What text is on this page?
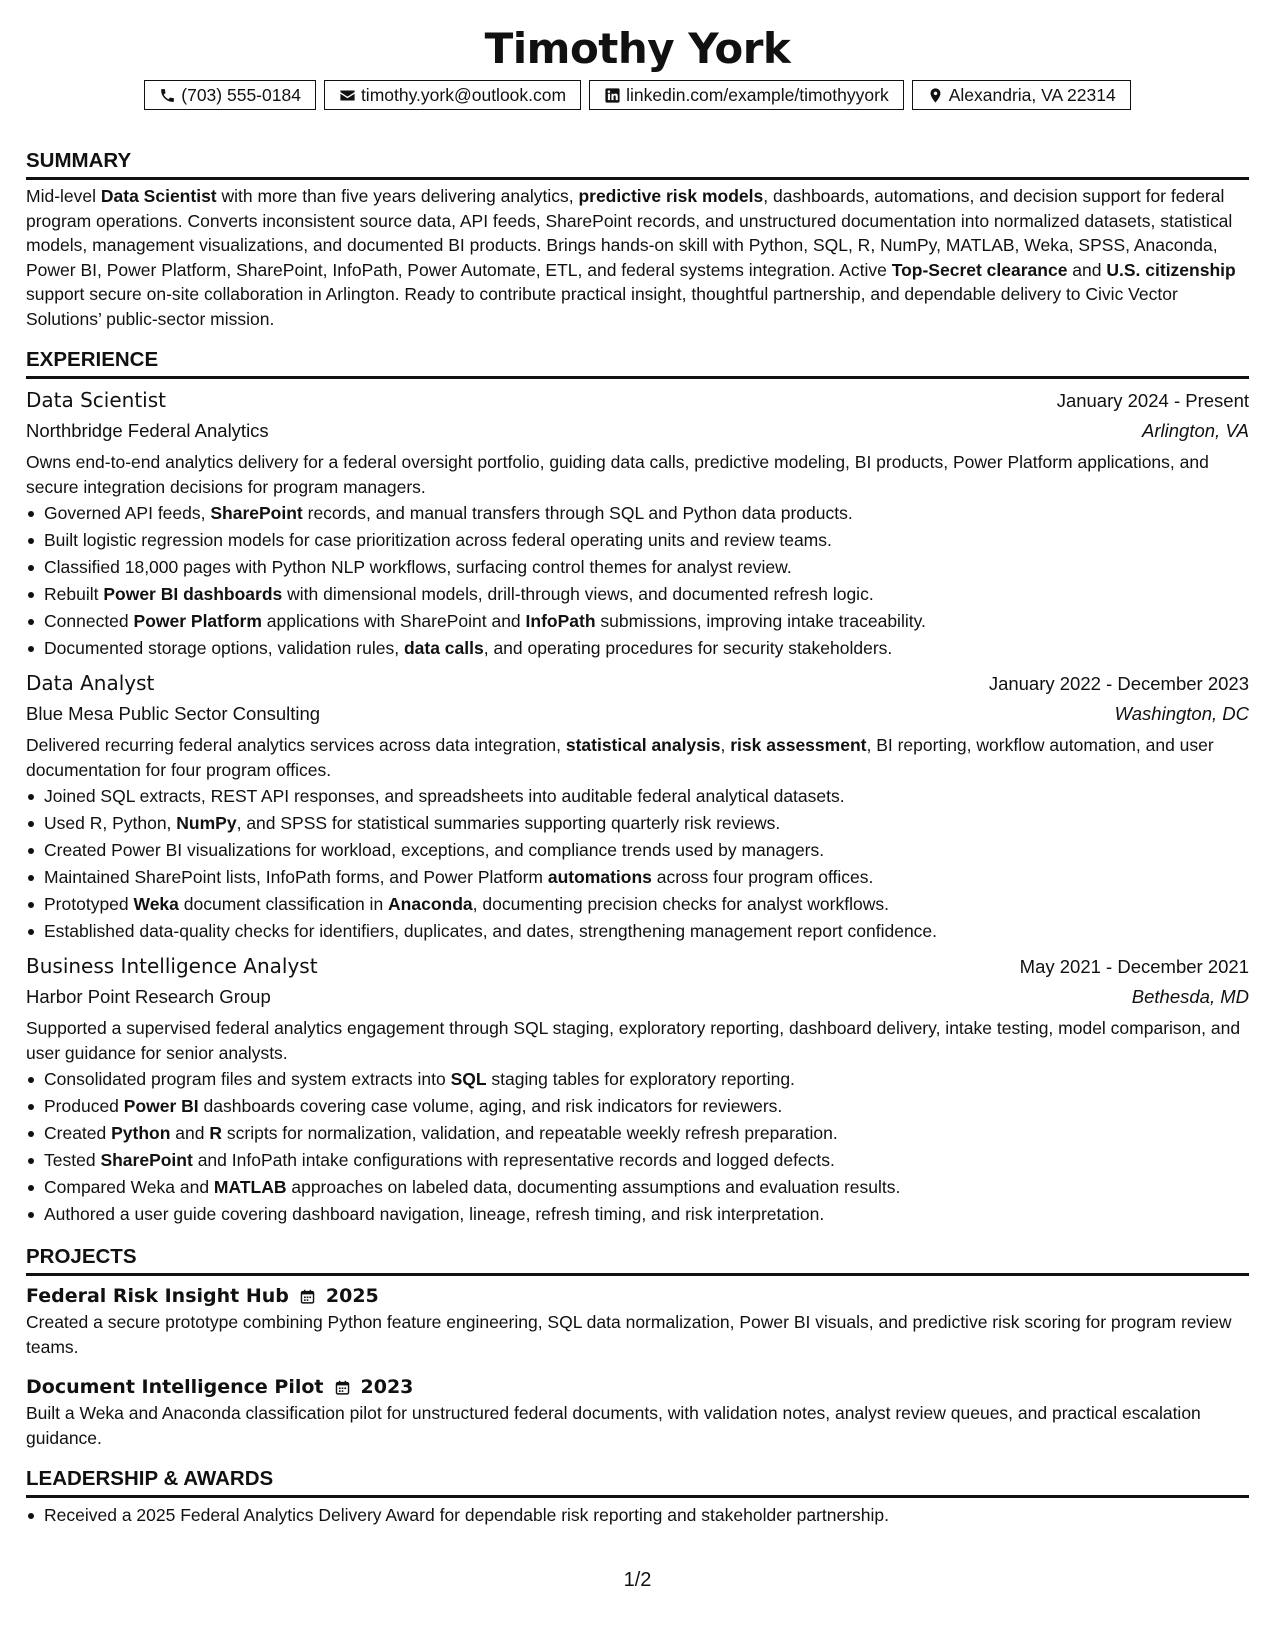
Timothy York
(703) 555-0184	timothy.york@outlook.com	linkedin.com/example/timothyyork	Alexandria, VA 22314
SUMMARY

Mid-level Data Scientist with more than five years delivering analytics, predictive risk models, dashboards, automations, and decision support for federal program operations. Converts inconsistent source data, API feeds, SharePoint records, and unstructured documentation into normalized datasets, statistical models, management visualizations, and documented BI products. Brings hands-on skill with Python, SQL, R, NumPy, MATLAB, Weka, SPSS, Anaconda, Power BI, Power Platform, SharePoint, InfoPath, Power Automate, ETL, and federal systems integration. Active Top-Secret clearance and U.S. citizenship support secure on-site collaboration in Arlington. Ready to contribute practical insight, thoughtful partnership, and dependable delivery to Civic Vector Solutions’ public-sector mission.

EXPERIENCE
Data Scientist	January 2024 - Present
Northbridge Federal Analytics	Arlington, VA

Owns end-to-end analytics delivery for a federal oversight portfolio, guiding data calls, predictive modeling, BI products, Power Platform applications, and secure integration decisions for program managers.

Governed API feeds, SharePoint records, and manual transfers through SQL and Python data products.
Built logistic regression models for case prioritization across federal operating units and review teams.
Classified 18,000 pages with Python NLP workflows, surfacing control themes for analyst review.
Rebuilt Power BI dashboards with dimensional models, drill-through views, and documented refresh logic.
Connected Power Platform applications with SharePoint and InfoPath submissions, improving intake traceability.
Documented storage options, validation rules, data calls, and operating procedures for security stakeholders.
Data Analyst	January 2022 - December 2023
Blue Mesa Public Sector Consulting	Washington, DC

Delivered recurring federal analytics services across data integration, statistical analysis, risk assessment, BI reporting, workflow automation, and user documentation for four program offices.

Joined SQL extracts, REST API responses, and spreadsheets into auditable federal analytical datasets.
Used R, Python, NumPy, and SPSS for statistical summaries supporting quarterly risk reviews.
Created Power BI visualizations for workload, exceptions, and compliance trends used by managers.
Maintained SharePoint lists, InfoPath forms, and Power Platform automations across four program offices.
Prototyped Weka document classification in Anaconda, documenting precision checks for analyst workflows.
Established data-quality checks for identifiers, duplicates, and dates, strengthening management report confidence.
Business Intelligence Analyst	May 2021 - December 2021
Harbor Point Research Group	Bethesda, MD

Supported a supervised federal analytics engagement through SQL staging, exploratory reporting, dashboard delivery, intake testing, model comparison, and user guidance for senior analysts.

Consolidated program files and system extracts into SQL staging tables for exploratory reporting.
Produced Power BI dashboards covering case volume, aging, and risk indicators for reviewers.
Created Python and R scripts for normalization, validation, and repeatable weekly refresh preparation.
Tested SharePoint and InfoPath intake configurations with representative records and logged defects.
Compared Weka and MATLAB approaches on labeled data, documenting assumptions and evaluation results.
Authored a user guide covering dashboard navigation, lineage, refresh timing, and risk interpretation.
PROJECTS
Federal Risk Insight Hub 2025

Created a secure prototype combining Python feature engineering, SQL data normalization, Power BI visuals, and predictive risk scoring for program review teams.

Document Intelligence Pilot 2023

Built a Weka and Anaconda classification pilot for unstructured federal documents, with validation notes, analyst review queues, and practical escalation guidance.

LEADERSHIP & AWARDS
Received a 2025 Federal Analytics Delivery Award for dependable risk reporting and stakeholder partnership.
1/2
